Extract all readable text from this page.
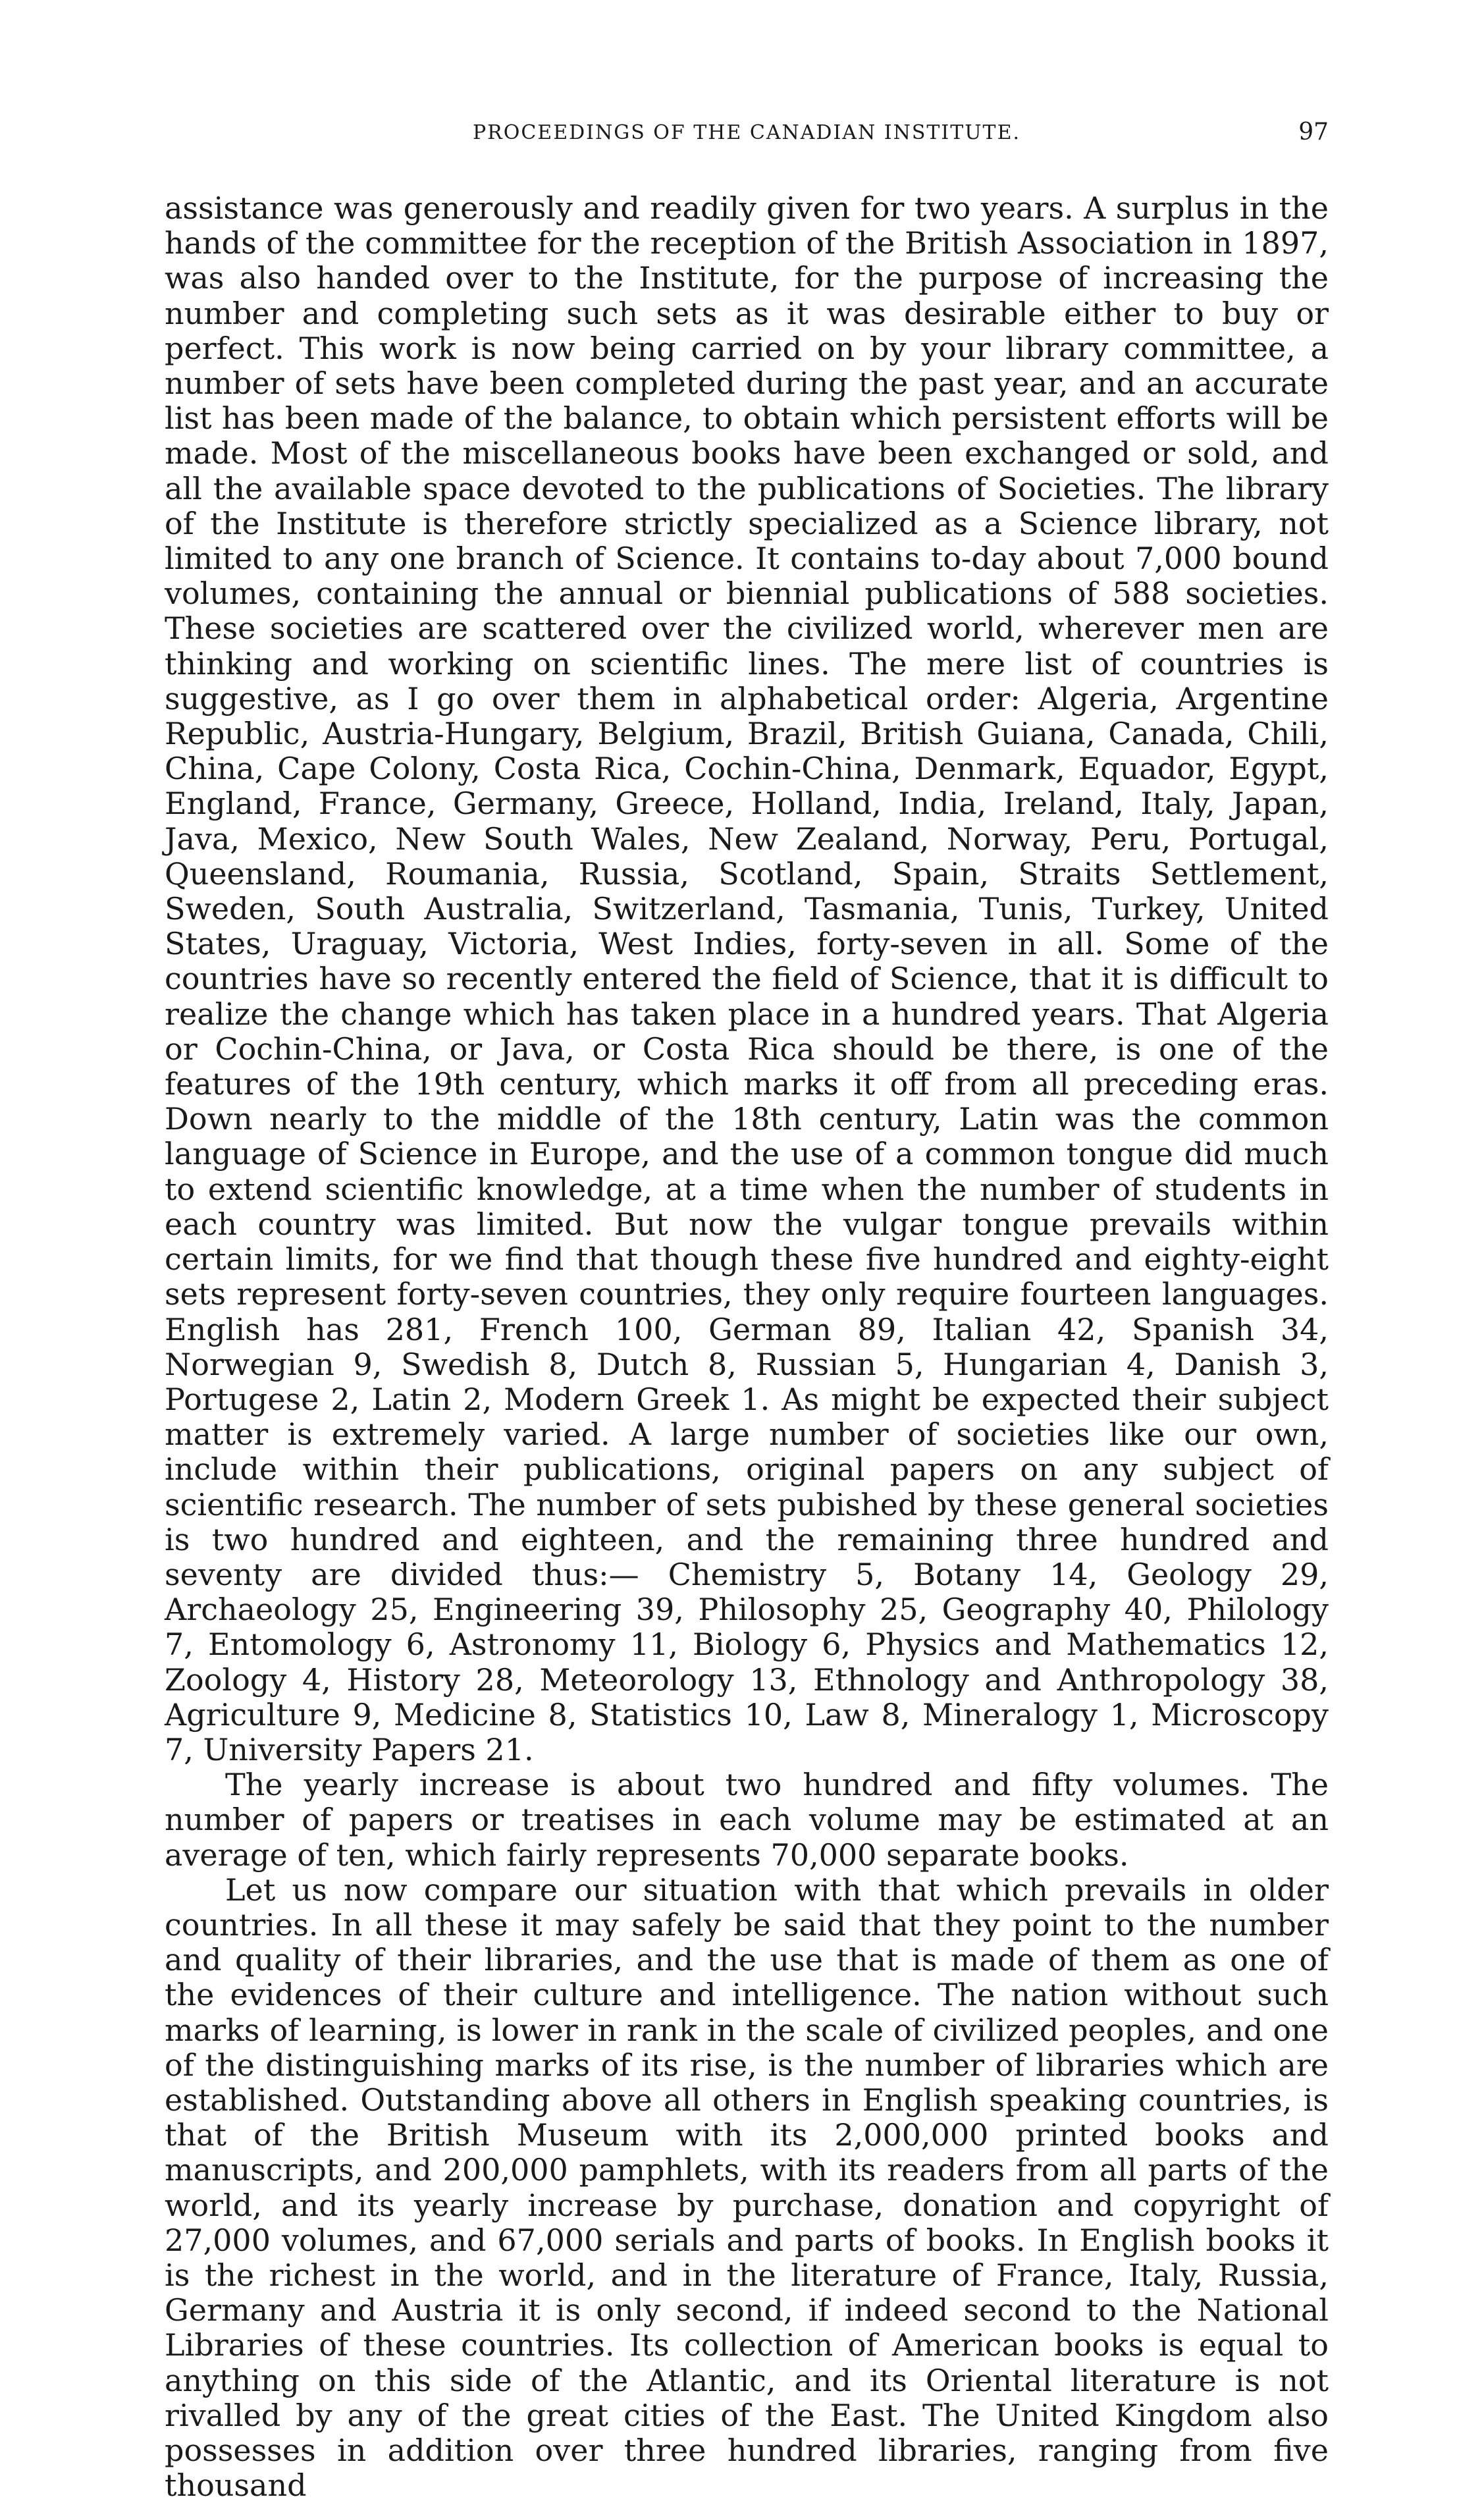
PROCEEDINGS OF THE CANADIAN INSTITUTE.	97

assistance was generously and readily given for two years. A surplus in the hands of the committee for the reception of the British Association in 1897, was also handed over to the Institute, for the purpose of increasing the number and completing such sets as it was desirable either to buy or perfect. This work is now being carried on by your library committee, a number of sets have been completed during the past year, and an accurate list has been made of the balance, to obtain which persistent efforts will be made. Most of the miscellaneous books have been exchanged or sold, and all the available space devoted to the publications of Societies. The library of the Institute is therefore strictly specialized as a Science library, not limited to any one branch of Science. It contains to-day about 7,000 bound volumes, containing the annual or biennial publications of 588 societies. These societies are scattered over the civilized world, wherever men are thinking and working on scientific lines. The mere list of countries is suggestive, as I go over them in alphabetical order: Algeria, Argentine Republic, Austria-Hungary, Belgium, Brazil, British Guiana, Canada, Chili, China, Cape Colony, Costa Rica, Cochin-China, Denmark, Equador, Egypt, England, France, Germany, Greece, Holland, India, Ireland, Italy, Japan, Java, Mexico, New South Wales, New Zealand, Norway, Peru, Portugal, Queensland, Roumania, Russia, Scotland, Spain, Straits Settlement, Sweden, South Australia, Switzerland, Tasmania, Tunis, Turkey, United States, Uraguay, Victoria, West Indies, forty-seven in all. Some of the countries have so recently entered the field of Science, that it is difficult to realize the change which has taken place in a hundred years. That Algeria or Cochin-China, or Java, or Costa Rica should be there, is one of the features of the 19th century, which marks it off from all preceding eras. Down nearly to the middle of the 18th century, Latin was the common language of Science in Europe, and the use of a common tongue did much to extend scientific knowledge, at a time when the number of students in each country was limited. But now the vulgar tongue prevails within certain limits, for we find that though these five hundred and eighty-eight sets represent forty-seven countries, they only require fourteen languages. English has 281, French 100, German 89, Italian 42, Spanish 34, Norwegian 9, Swedish 8, Dutch 8, Russian 5, Hungarian 4, Danish 3, Portugese 2, Latin 2, Modern Greek 1. As might be expected their subject matter is extremely varied. A large number of societies like our own, include within their publications, original papers on any subject of scientific research. The number of sets pubished by these general societies is two hundred and eighteen, and the remaining three hundred and seventy are divided thus:— Chemistry 5, Botany 14, Geology 29, Archaeology 25, Engineering 39, Philosophy 25, Geography 40, Philology 7, Entomology 6, Astronomy 11, Biology 6, Physics and Mathematics 12, Zoology 4, History 28, Meteorology 13, Ethnology and Anthropology 38, Agriculture 9, Medicine 8, Statistics 10, Law 8, Mineralogy 1, Microscopy 7, University Papers 21.

The yearly increase is about two hundred and fifty volumes. The number of papers or treatises in each volume may be estimated at an average of ten, which fairly represents 70,000 separate books.

Let us now compare our situation with that which prevails in older countries. In all these it may safely be said that they point to the number and quality of their libraries, and the use that is made of them as one of the evidences of their culture and intelligence. The nation without such marks of learning, is lower in rank in the scale of civilized peoples, and one of the distinguishing marks of its rise, is the number of libraries which are established. Outstanding above all others in English speaking countries, is that of the British Museum with its 2,000,000 printed books and manuscripts, and 200,000 pamphlets, with its readers from all parts of the world, and its yearly increase by purchase, donation and copyright of 27,000 volumes, and 67,000 serials and parts of books. In English books it is the richest in the world, and in the literature of France, Italy, Russia, Germany and Austria it is only second, if indeed second to the National Libraries of these countries. Its collection of American books is equal to anything on this side of the Atlantic, and its Oriental literature is not rivalled by any of the great cities of the East. The United Kingdom also possesses in addition over three hundred libraries, ranging from five thousand
